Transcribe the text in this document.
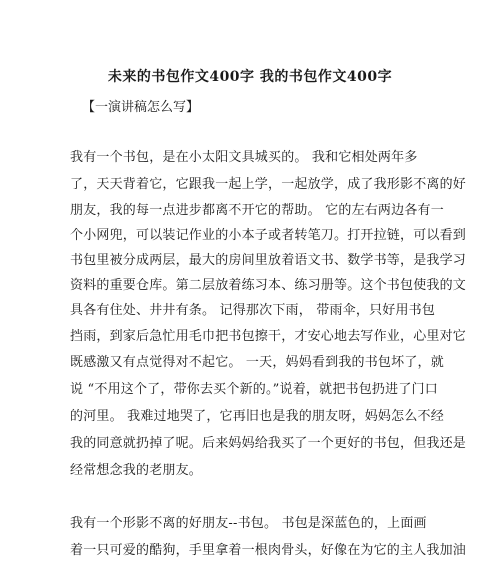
未来的书包作文400字 我的书包作文400字
【一演讲稿怎么写】
我有一个书包，是在小太阳文具城买的。 我和它相处两年多
了，天天背着它，它跟我一起上学，一起放学，成了我形影不离的好
朋友，我的每一点进步都离不开它的帮助。 它的左右两边各有一
个小网兜，可以装记作业的小本子或者转笔刀。打开拉链，可以看到
书包里被分成两层，最大的房间里放着语文书、数学书等，是我学习
资料的重要仓库。第二层放着练习本、练习册等。这个书包使我的文
具各有住处、井井有条。 记得那次下雨， 带雨伞，只好用书包
挡雨，到家后急忙用毛巾把书包擦干，才安心地去写作业，心里对它
既感激又有点觉得对不起它。 一天，妈妈看到我的书包坏了，就
说 “不用这个了，带你去买个新的。”说着，就把书包扔进了门口
的河里。 我难过地哭了，它再旧也是我的朋友呀，妈妈怎么不经
我的同意就扔掉了呢。后来妈妈给我买了一个更好的书包，但我还是
经常想念我的老朋友。
我有一个形影不离的好朋友--书包。 书包是深蓝色的，上面画
着一只可爱的酷狗，手里拿着一根肉骨头，好像在为它的主人我加油
